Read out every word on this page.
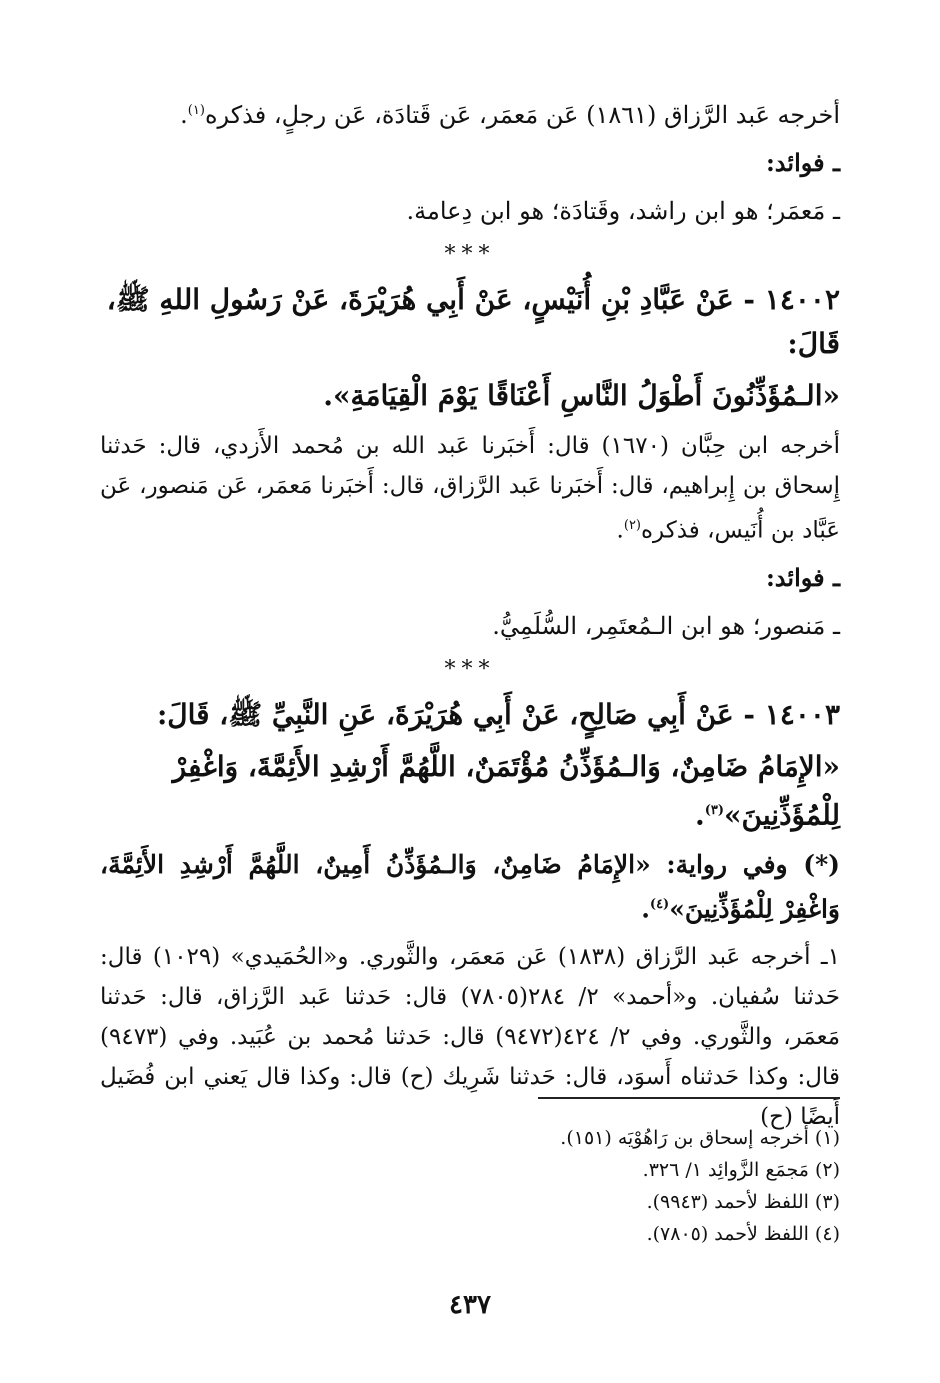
أخرجه عَبد الرَّزاق (١٨٦١) عَن مَعمَر، عَن قَتادَة، عَن رجلٍ، فذكره$^{(١)}$.

ـ فوائد:

ـ مَعمَر؛ هو ابن راشد، وقَتادَة؛ هو ابن دِعامة.

***

١٤٠٠٢ - عَنْ عَبَّادِ بْنِ أُنَيْسٍ، عَنْ أَبِي هُرَيْرَةَ، عَنْ رَسُولِ اللهِ ﷺ، قَالَ:

«الـمُؤَذِّنُونَ أَطْوَلُ النَّاسِ أَعْنَاقًا يَوْمَ الْقِيَامَةِ».

أخرجه ابن حِبَّان (١٦٧٠) قال: أَخبَرنا عَبد الله بن مُحمد الأَزدي، قال: حَدثنا إِسحاق بن إِبراهيم، قال: أَخبَرنا عَبد الرَّزاق، قال: أَخبَرنا مَعمَر، عَن مَنصور، عَن عَبَّاد بن أُنَيس، فذكره$^{(٢)}$.

ـ فوائد:

ـ مَنصور؛ هو ابن الـمُعتَمِر، السُّلَمِيُّ.

***

١٤٠٠٣ - عَنْ أَبِي صَالِحٍ، عَنْ أَبِي هُرَيْرَةَ، عَنِ النَّبِيِّ ﷺ، قَالَ:

«الإِمَامُ ضَامِنٌ، وَالـمُؤَذِّنُ مُؤْتَمَنٌ، اللَّهُمَّ أَرْشِدِ الأَئِمَّةَ، وَاغْفِرْ لِلْمُؤَذِّنِينَ»$^{(٣)}$.

(*) وفي رواية: «الإِمَامُ ضَامِنٌ، وَالـمُؤَذِّنُ أَمِينٌ، اللَّهُمَّ أَرْشِدِ الأَئِمَّةَ، وَاغْفِرْ لِلْمُؤَذِّنِينَ»$^{(٤)}$.

١ـ أخرجه عَبد الرَّزاق (١٨٣٨) عَن مَعمَر، والثَّوري. و«الحُمَيدي» (١٠٢٩) قال: حَدثنا سُفيان. و«أحمد» ٢/ ٢٨٤(٧٨٠٥) قال: حَدثنا عَبد الرَّزاق، قال: حَدثنا مَعمَر، والثَّوري. وفي ٢/ ٤٢٤(٩٤٧٢) قال: حَدثنا مُحمد بن عُبَيد. وفي (٩٤٧٣) قال: وكذا حَدثناه أَسوَد، قال: حَدثنا شَرِيك (ح) قال: وكذا قال يَعني ابن فُضَيل أَيضًا (ح)

(١) أخرجه إسحاق بن رَاهُوْيَه (١٥١).

(٢) مَجمَع الزَّوائِد ١/ ٣٢٦.

(٣) اللفظ لأحمد (٩٩٤٣).

(٤) اللفظ لأحمد (٧٨٠٥).

٤٣٧
